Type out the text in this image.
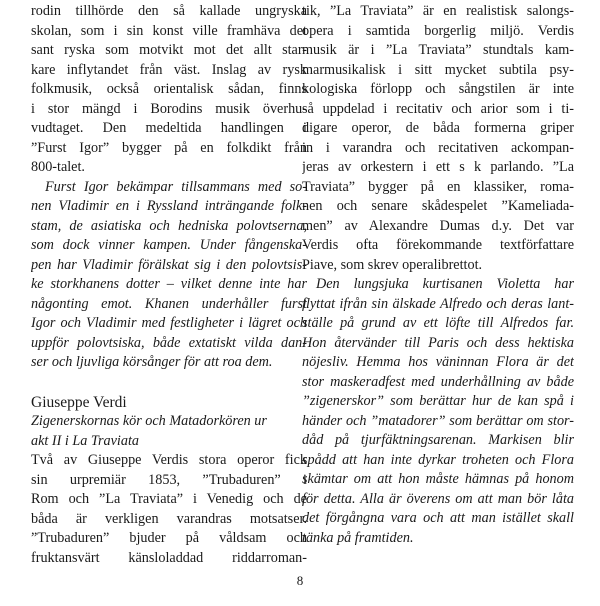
rodin tillhörde den så kallade ungryska
skolan, som i sin konst ville framhäva det
sant ryska som motvikt mot det allt star-
kare inflytandet från väst. Inslag av rysk
folkmusik, också orientalisk sådan, finns
i stor mängd i Borodins musik överhu-
vudtaget. Den medeltida handlingen i
”Furst Igor” bygger på en folkdikt från
800-talet.
Furst Igor bekämpar tillsammans med so-
nen Vladimir en i Ryssland inträngande folk-
stam, de asiatiska och hedniska polovtserna,
som dock vinner kampen. Under fångenska-
pen har Vladimir förälskat sig i den polovtsis-
ke storkhanens dotter – vilket denne inte har
någonting emot. Khanen underhåller furst
Igor och Vladimir med festligheter i lägret och
uppför polovtsiska, både extatiskt vilda dan-
ser och ljuvliga körsånger för att roa dem.
Giuseppe Verdi
Zigenerskornas kör och Matadorkören ur
akt II i La Traviata
Två av Giuseppe Verdis stora operor fick
sin urpremiär 1853, ”Trubaduren” i
Rom och ”La Traviata” i Venedig och de
båda är verkligen varandras motsatser.
”Trubaduren” bjuder på våldsam och
fruktansvärt känsloladdad riddarroman-
tik, ”La Traviata” är en realistisk salongs-
opera i samtida borgerlig miljö. Verdis
musik är i ”La Traviata” stundtals kam-
marmusikalisk i sitt mycket subtila psy-
kologiska förlopp och sångstilen är inte
så uppdelad i recitativ och arior som i ti-
digare operor, de båda formerna griper
in i varandra och recitativen ackompan-
jeras av orkestern i ett s k parlando. ”La
Traviata” bygger på en klassiker, roma-
nen och senare skådespelet ”Kameliada-
men” av Alexandre Dumas d.y. Det var
Verdis ofta förekommande textförfattare
Piave, som skrev operalibrettot.
Den lungsjuka kurtisanen Violetta har
flyttat ifrån sin älskade Alfredo och deras lant-
ställe på grund av ett löfte till Alfredos far.
Hon återvänder till Paris och dess hektiska
nöjesliv. Hemma hos väninnan Flora är det
stor maskeradfest med underhållning av både
”zigenerskor” som berättar hur de kan spå i
händer och ”matadorer” som berättar om stor-
dåd på tjurfäktningsarenan. Markisen blir
spådd att han inte dyrkar troheten och Flora
skämtar om att hon måste hämnas på honom
för detta. Alla är överens om att man bör låta
det förgångna vara och att man istället skall
tänka på framtiden.
8
